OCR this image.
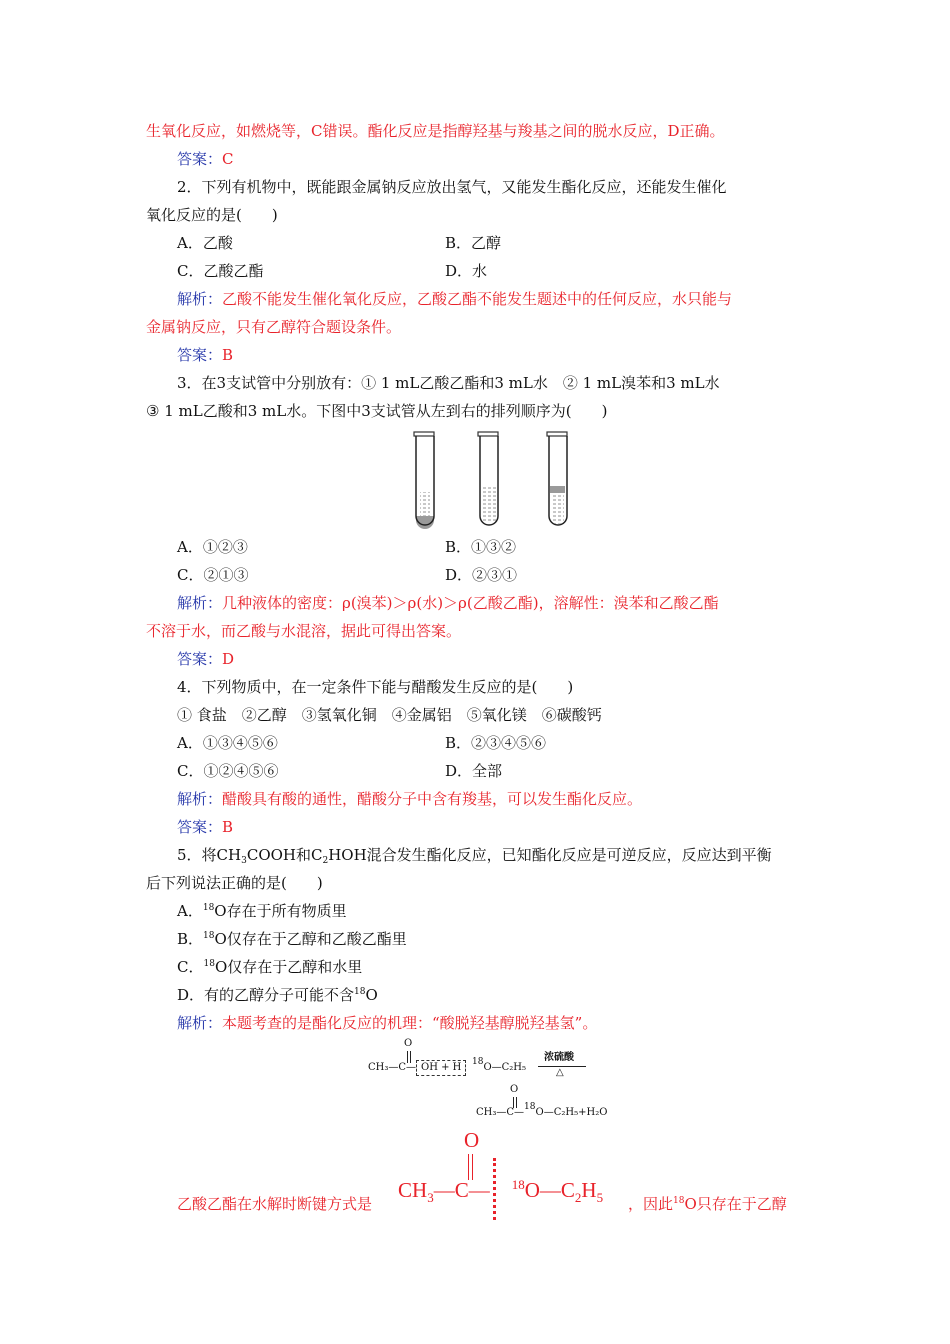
生氧化反应，如燃烧等，C错误。酯化反应是指醇羟基与羧基之间的脱水反应，D正确。
答案：C
2．下列有机物中，既能跟金属钠反应放出氢气，又能发生酯化反应，还能发生催化
氧化反应的是(　　)
A．乙酸	B．乙醇
C．乙酸乙酯	D．水
解析：乙酸不能发生催化氧化反应，乙酸乙酯不能发生题述中的任何反应，水只能与
金属钠反应，只有乙醇符合题设条件。
答案：B
3．在3支试管中分别放有：① 1 mL乙酸乙酯和3 mL水　② 1 mL溴苯和3 mL水
③ 1 mL乙酸和3 mL水。下图中3支试管从左到右的排列顺序为(　　)
A．①②③	B．①③②
C．②①③	D．②③①
解析：几种液体的密度：ρ(溴苯)＞ρ(水)＞ρ(乙酸乙酯)，溶解性：溴苯和乙酸乙酯
不溶于水，而乙酸与水混溶，据此可得出答案。
答案：D
4．下列物质中，在一定条件下能与醋酸发生反应的是(　　)
① 食盐　②乙醇　③氢氧化铜　④金属铝　⑤氧化镁　⑥碳酸钙
A．①③④⑤⑥	B．②③④⑤⑥
C．①②④⑤⑥	D．全部
解析：醋酸具有酸的通性，醋酸分子中含有羧基，可以发生酯化反应。
答案：B
5．将$CH_3COOH$和$C_2HOH$混合发生酯化反应，已知酯化反应是可逆反应，反应达到平衡
后下列说法正确的是(　　)
A．$^{18}$O存在于所有物质里
B．$^{18}$O仅存在于乙醇和乙酸乙酯里
C．$^{18}$O仅存在于乙醇和水里
D．有的乙醇分子可能不含$^{18}$O
解析：本题考查的是酯化反应的机理：“酸脱羟基醇脱羟基氢”。
O
CH₃—C— OH + H	$^{18}$O—C₂H₅
浓硫酸
△
O
CH₃—C—$^{18}$O—C₂H₅+H₂O
乙酸乙酯在水解时断键方式是
O
$CH_3—C—$ $^{18}O—C_2H_5$ ，因此$^{18}$O只存在于乙醇
